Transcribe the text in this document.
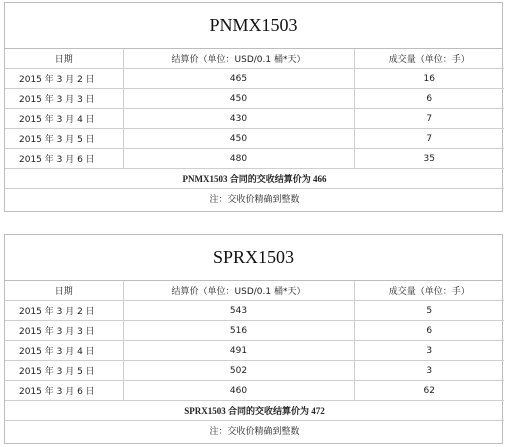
PNMX1503
日期	结算价（单位：USD/0.1 桶*天）	成交量（单位：手）
2015 年 3 月 2 日	465	16
2015 年 3 月 3 日	450	6
2015 年 3 月 4 日	430	7
2015 年 3 月 5 日	450	7
2015 年 3 月 6 日	480	35
PNMX1503 合同的交收结算价为 466		
注：交收价精确到整数		
SPRX1503
日期	结算价（单位：USD/0.1 桶*天）	成交量（单位：手）
2015 年 3 月 2 日	543	5
2015 年 3 月 3 日	516	6
2015 年 3 月 4 日	491	3
2015 年 3 月 5 日	502	3
2015 年 3 月 6 日	460	62
SPRX1503 合同的交收结算价为 472		
注：交收价精确到整数		
